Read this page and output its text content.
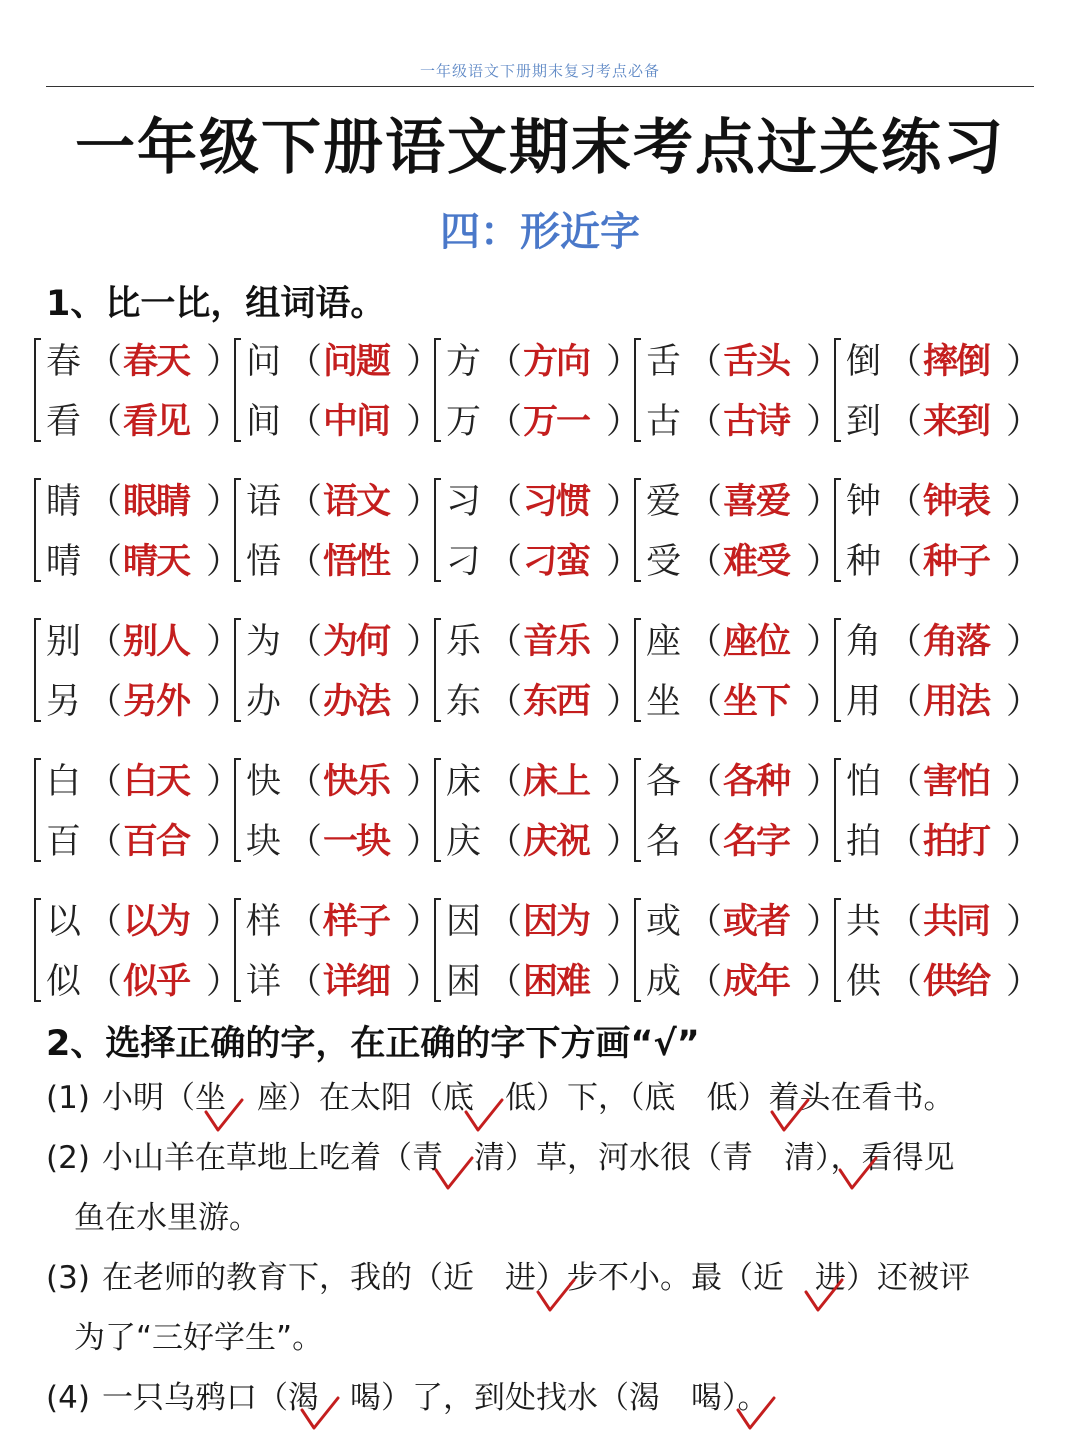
一年级语文下册期末复习考点必备
一年级下册语文期末考点过关练习
四：形近字
1、比一比，组词语。
春 （春天 ）
看 （看见 ）
问 （问题 ）
间 （中间 ）
方 （方向 ）
万 （万一 ）
舌 （舌头 ）
古 （古诗 ）
倒 （摔倒 ）
到 （来到 ）
睛 （眼睛 ）
晴 （晴天 ）
语 （语文 ）
悟 （悟性 ）
习 （习惯 ）
刁 （刁蛮 ）
爱 （喜爱 ）
受 （难受 ）
钟 （钟表 ）
种 （种子 ）
别 （别人 ）
另 （另外 ）
为 （为何 ）
办 （办法 ）
乐 （音乐 ）
东 （东西 ）
座 （座位 ）
坐 （坐下 ）
角 （角落 ）
用 （用法 ）
白 （白天 ）
百 （百合 ）
快 （快乐 ）
块 （一块 ）
床 （床上 ）
庆 （庆祝 ）
各 （各种 ）
名 （名字 ）
怕 （害怕 ）
拍 （拍打 ）
以 （以为 ）
似 （似乎 ）
样 （样子 ）
详 （详细 ）
因 （因为 ）
困 （困难 ）
或 （或者 ）
成 （成年 ）
共 （共同 ）
供 （供给 ）
2、选择正确的字，在正确的字下方画“√”
(1) 小明（坐　座）在太阳（底　低）下，（底　低）着头在看书。
(2) 小山羊在草地上吃着（青　清）草，河水很（青　清），看得见
鱼在水里游。
(3) 在老师的教育下，我的（近　进）步不小。最（近　进）还被评
为了“三好学生”。
(4) 一只乌鸦口（渴　喝）了，到处找水（渴　喝）。
